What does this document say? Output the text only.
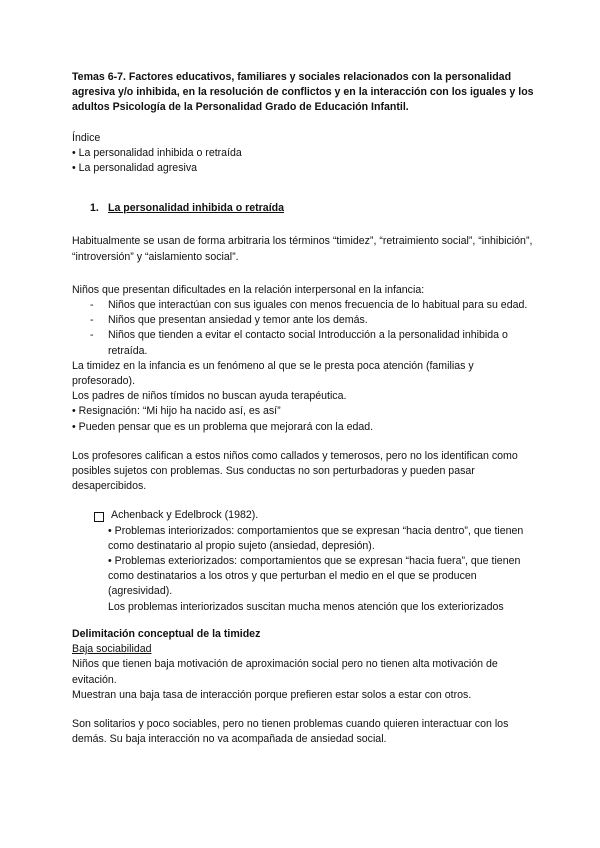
Temas 6-7. Factores educativos, familiares y sociales relacionados con la personalidad agresiva y/o inhibida, en la resolución de conflictos y en la interacción con los iguales y los adultos Psicología de la Personalidad Grado de Educación Infantil.

Índice

• La personalidad inhibida o retraída

• La personalidad agresiva

1. La personalidad inhibida o retraída

Habitualmente se usan de forma arbitraria los términos “timidez”, “retraimiento social”, “inhibición”, “introversión” y “aislamiento social”.

Niños que presentan dificultades en la relación interpersonal en la infancia:

- Niños que interactúan con sus iguales con menos frecuencia de lo habitual para su edad.
- Niños que presentan ansiedad y temor ante los demás.
- Niños que tienden a evitar el contacto social Introducción a la personalidad inhibida o retraída.

La timidez en la infancia es un fenómeno al que se le presta poca atención (familias y profesorado).

Los padres de niños tímidos no buscan ayuda terapéutica.

• Resignación: “Mi hijo ha nacido así, es así”

• Pueden pensar que es un problema que mejorará con la edad.

Los profesores califican a estos niños como callados y temerosos, pero no los identifican como posibles sujetos con problemas. Sus conductas no son perturbadoras y pueden pasar desapercibidos.

Achenback y Edelbrock (1982).

• Problemas interiorizados: comportamientos que se expresan “hacia dentro”, que tienen como destinatario al propio sujeto (ansiedad, depresión).

• Problemas exteriorizados: comportamientos que se expresan “hacia fuera”, que tienen como destinatarios a los otros y que perturban el medio en el que se producen (agresividad).

Los problemas interiorizados suscitan mucha menos atención que los exteriorizados

Delimitación conceptual de la timidez

Baja sociabilidad

Niños que tienen baja motivación de aproximación social pero no tienen alta motivación de evitación.

Muestran una baja tasa de interacción porque prefieren estar solos a estar con otros.

Son solitarios y poco sociables, pero no tienen problemas cuando quieren interactuar con los demás. Su baja interacción no va acompañada de ansiedad social.
